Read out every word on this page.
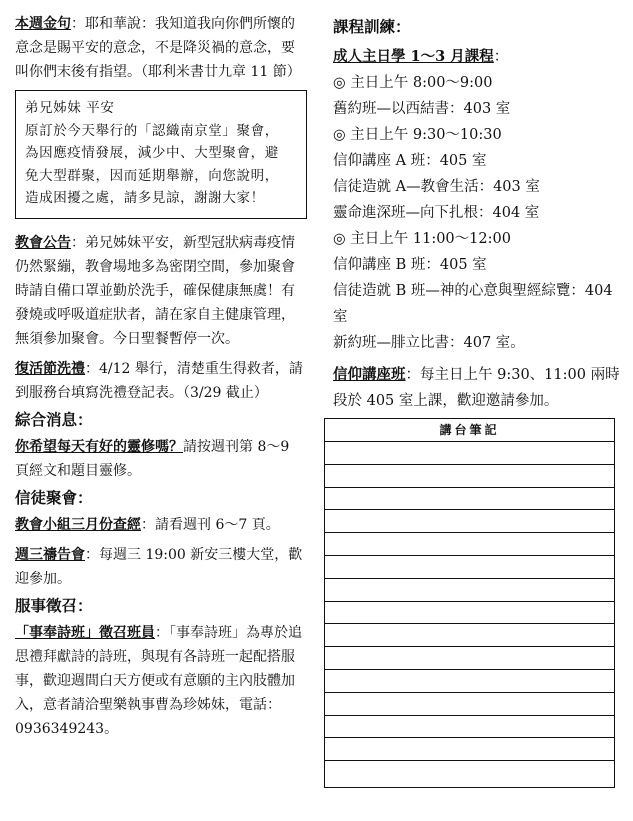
本週金句：耶和華說：我知道我向你們所懷的意念是賜平安的意念，不是降災禍的意念，要叫你們末後有指望。（耶利米書廿九章 11 節）

弟兄姊妹 平安

原訂於今天舉行的「認織南京堂」聚會，

為因應疫情發展，減少中、大型聚會，避

免大型群聚，因而延期舉辦，向您說明，

造成困擾之處，請多見諒，謝謝大家！

教會公告：弟兄姊妹平安，新型冠狀病毒疫情仍然緊繃，教會場地多為密閉空間，參加聚會時請自備口罩並勤於洗手，確保健康無虞！有發燒或呼吸道症狀者，請在家自主健康管理，無須參加聚會。今日聖餐暫停一次。

復活節洗禮：4/12 舉行，清楚重生得救者，請到服務台填寫洗禮登記表。（3/29 截止）

綜合消息 ：

你希望每天有好的靈修嗎？請按週刊第 8～9 頁經文和題目靈修。

信徒聚會 ：

教會小組三月份查經：請看週刊 6～7 頁。

週三禱告會：每週三 19:00 新安三樓大堂，歡迎參加。

服事徵召 ：

「事奉詩班」徵召班員：「事奉詩班」為專於追思禮拜獻詩的詩班，與現有各詩班一起配搭服事，歡迎週間白天方便或有意願的主內肢體加入，意者請洽聖樂執事曹為珍姊妹，電話：0936349243。

課程訓練 ：

成人主日學 1～3 月課程：

◎ 主日上午 8:00～9:00

舊約班—以西結書：403 室

◎ 主日上午 9:30～10:30

信仰講座 A 班：405 室

信徒造就 A—教會生活：403 室

靈命進深班—向下扎根：404 室

◎ 主日上午 11:00～12:00

信仰講座 B 班：405 室

信徒造就 B 班—神的心意與聖經綜覽：404 室

新約班—腓立比書：407 室。

信仰講座班：每主日上午 9:30、11:00 兩時段於 405 室上課，歡迎邀請參加。

講台筆記
